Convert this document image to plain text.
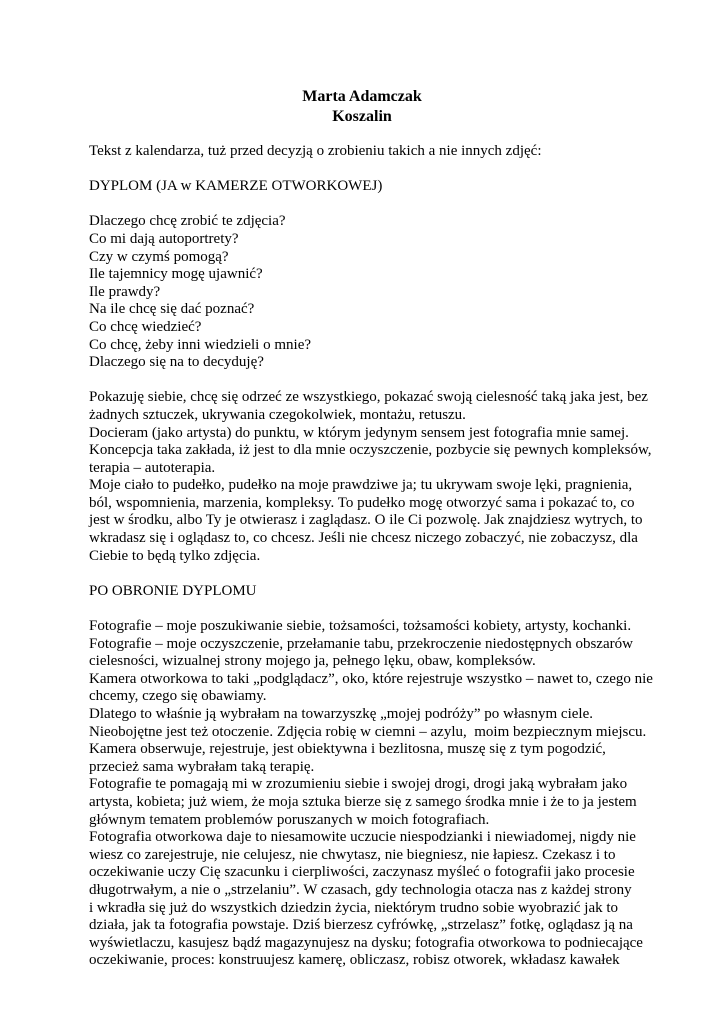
Marta Adamczak
Koszalin
Tekst z kalendarza, tuż przed decyzją o zrobieniu takich a nie innych zdjęć:
DYPLOM (JA w KAMERZE OTWORKOWEJ)
Dlaczego chcę zrobić te zdjęcia?
Co mi dają autoportrety?
Czy w czymś pomogą?
Ile tajemnicy mogę ujawnić?
Ile prawdy?
Na ile chcę się dać poznać?
Co chcę wiedzieć?
Co chcę, żeby inni wiedzieli o mnie?
Dlaczego się na to decyduję?
Pokazuję siebie, chcę się odrzeć ze wszystkiego, pokazać swoją cielesność taką jaka jest, bez
żadnych sztuczek, ukrywania czegokolwiek, montażu, retuszu.
Docieram (jako artysta) do punktu, w którym jedynym sensem jest fotografia mnie samej.
Koncepcja taka zakłada, iż jest to dla mnie oczyszczenie, pozbycie się pewnych kompleksów,
terapia – autoterapia.
Moje ciało to pudełko, pudełko na moje prawdziwe ja; tu ukrywam swoje lęki, pragnienia,
ból, wspomnienia, marzenia, kompleksy. To pudełko mogę otworzyć sama i pokazać to, co
jest w środku, albo Ty je otwierasz i zaglądasz. O ile Ci pozwolę. Jak znajdziesz wytrych, to
wkradasz się i oglądasz to, co chcesz. Jeśli nie chcesz niczego zobaczyć, nie zobaczysz, dla
Ciebie to będą tylko zdjęcia.
PO OBRONIE DYPLOMU
Fotografie – moje poszukiwanie siebie, tożsamości, tożsamości kobiety, artysty, kochanki.
Fotografie – moje oczyszczenie, przełamanie tabu, przekroczenie niedostępnych obszarów
cielesności, wizualnej strony mojego ja, pełnego lęku, obaw, kompleksów.
Kamera otworkowa to taki „podglądacz”, oko, które rejestruje wszystko – nawet to, czego nie
chcemy, czego się obawiamy.
Dlatego to właśnie ją wybrałam na towarzyszkę „mojej podróży” po własnym ciele.
Nieobojętne jest też otoczenie. Zdjęcia robię w ciemni – azylu,  moim bezpiecznym miejscu.
Kamera obserwuje, rejestruje, jest obiektywna i bezlitosna, muszę się z tym pogodzić,
przecież sama wybrałam taką terapię.
Fotografie te pomagają mi w zrozumieniu siebie i swojej drogi, drogi jaką wybrałam jako
artysta, kobieta; już wiem, że moja sztuka bierze się z samego środka mnie i że to ja jestem
głównym tematem problemów poruszanych w moich fotografiach.
Fotografia otworkowa daje to niesamowite uczucie niespodzianki i niewiadomej, nigdy nie
wiesz co zarejestruje, nie celujesz, nie chwytasz, nie biegniesz, nie łapiesz. Czekasz i to
oczekiwanie uczy Cię szacunku i cierpliwości, zaczynasz myśleć o fotografii jako procesie
długotrwałym, a nie o „strzelaniu”. W czasach, gdy technologia otacza nas z każdej strony
i wkradła się już do wszystkich dziedzin życia, niektórym trudno sobie wyobrazić jak to
działa, jak ta fotografia powstaje. Dziś bierzesz cyfrówkę, „strzelasz” fotkę, oglądasz ją na
wyświetlaczu, kasujesz bądź magazynujesz na dysku; fotografia otworkowa to podniecające
oczekiwanie, proces: konstruujesz kamerę, obliczasz, robisz otworek, wkładasz kawałek
